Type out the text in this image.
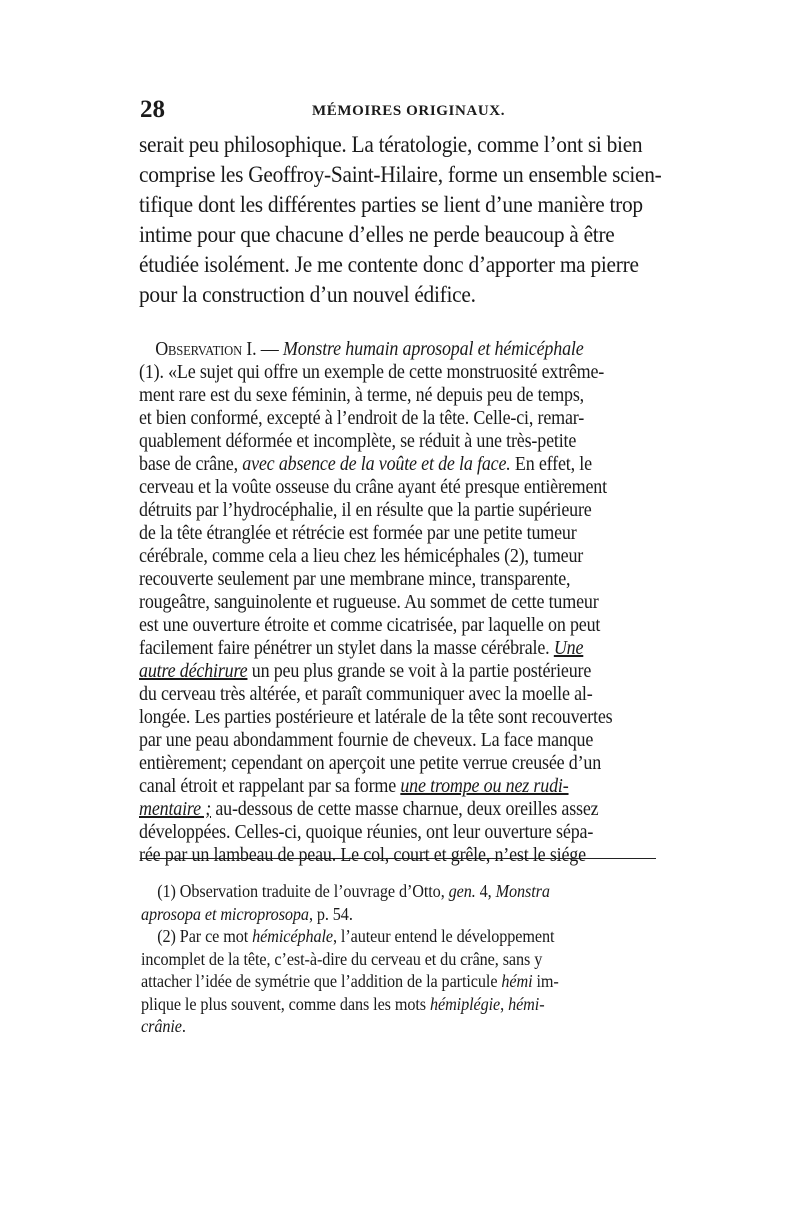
28	MÉMOIRES ORIGINAUX.
serait peu philosophique. La tératologie, comme l’ont si bien
comprise les Geoffroy-Saint-Hilaire, forme un ensemble scien-
tifique dont les différentes parties se lient d’une manière trop
intime pour que chacune d’elles ne perde beaucoup à être
étudiée isolément. Je me contente donc d’apporter ma pierre
pour la construction d’un nouvel édifice.
Observation I. — Monstre humain aprosopal et hémicéphale
(1). «Le sujet qui offre un exemple de cette monstruosité extrême-
ment rare est du sexe féminin, à terme, né depuis peu de temps,
et bien conformé, excepté à l’endroit de la tête. Celle-ci, remar-
quablement déformée et incomplète, se réduit à une très-petite
base de crâne, avec absence de la voûte et de la face. En effet, le
cerveau et la voûte osseuse du crâne ayant été presque entièrement
détruits par l’hydrocéphalie, il en résulte que la partie supérieure
de la tête étranglée et rétrécie est formée par une petite tumeur
cérébrale, comme cela a lieu chez les hémicéphales (2), tumeur
recouverte seulement par une membrane mince, transparente,
rougeâtre, sanguinolente et rugueuse. Au sommet de cette tumeur
est une ouverture étroite et comme cicatrisée, par laquelle on peut
facilement faire pénétrer un stylet dans la masse cérébrale. Une
autre déchirure un peu plus grande se voit à la partie postérieure
du cerveau très altérée, et paraît communiquer avec la moelle al-
longée. Les parties postérieure et latérale de la tête sont recouvertes
par une peau abondamment fournie de cheveux. La face manque
entièrement; cependant on aperçoit une petite verrue creusée d’un
canal étroit et rappelant par sa forme une trompe ou nez rudi-
mentaire ; au-dessous de cette masse charnue, deux oreilles assez
développées. Celles-ci, quoique réunies, ont leur ouverture sépa-
rée par un lambeau de peau. Le col, court et grêle, n’est le siége
(1) Observation traduite de l’ouvrage d’Otto, gen. 4, Monstra
aprosopa et microprosopa, p. 54.
(2) Par ce mot hémicéphale, l’auteur entend le développement
incomplet de la tête, c’est-à-dire du cerveau et du crâne, sans y
attacher l’idée de symétrie que l’addition de la particule hémi im-
plique le plus souvent, comme dans les mots hémiplégie, hémi-
crânie.
